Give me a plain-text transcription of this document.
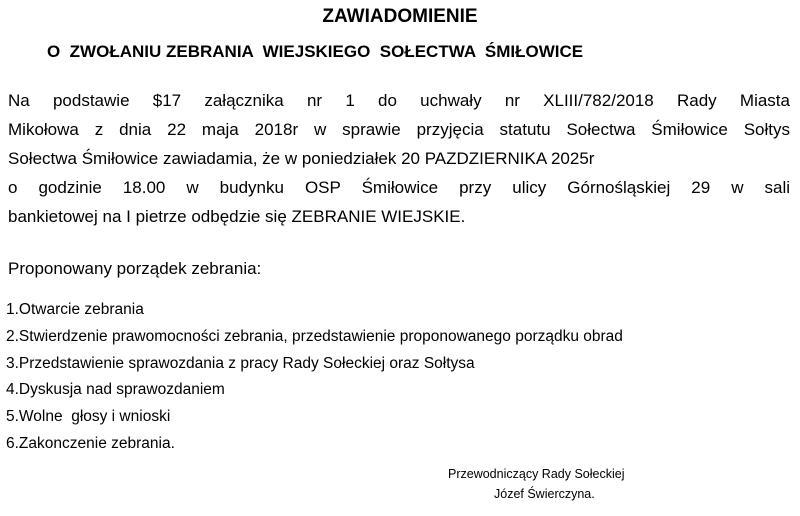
ZAWIADOMIENIE
O  ZWOŁANIU ZEBRANIA  WIEJSKIEGO  SOŁECTWA  ŚMIŁOWICE
Na podstawie $17 załącznika nr 1 do uchwały nr XLIII/782/2018 Rady Miasta
Mikołowa z dnia 22 maja 2018r w sprawie przyjęcia statutu Sołectwa Śmiłowice Sołtys
Sołectwa Śmiłowice zawiadamia, że w poniedziałek 20 PAZDZIERNIKA 2025r
o godzinie 18.00 w budynku OSP Śmiłowice przy ulicy Górnośląskiej 29 w sali
bankietowej na I pietrze odbędzie się ZEBRANIE WIEJSKIE.
Proponowany porządek zebrania:
1.Otwarcie zebrania
2.Stwierdzenie prawomocności zebrania, przedstawienie proponowanego porządku obrad
3.Przedstawienie sprawozdania z pracy Rady Sołeckiej oraz Sołtysa
4.Dyskusja nad sprawozdaniem
5.Wolne  głosy i wnioski
6.Zakonczenie zebrania.
Przewodniczący Rady Sołeckiej
Józef Świerczyna.
